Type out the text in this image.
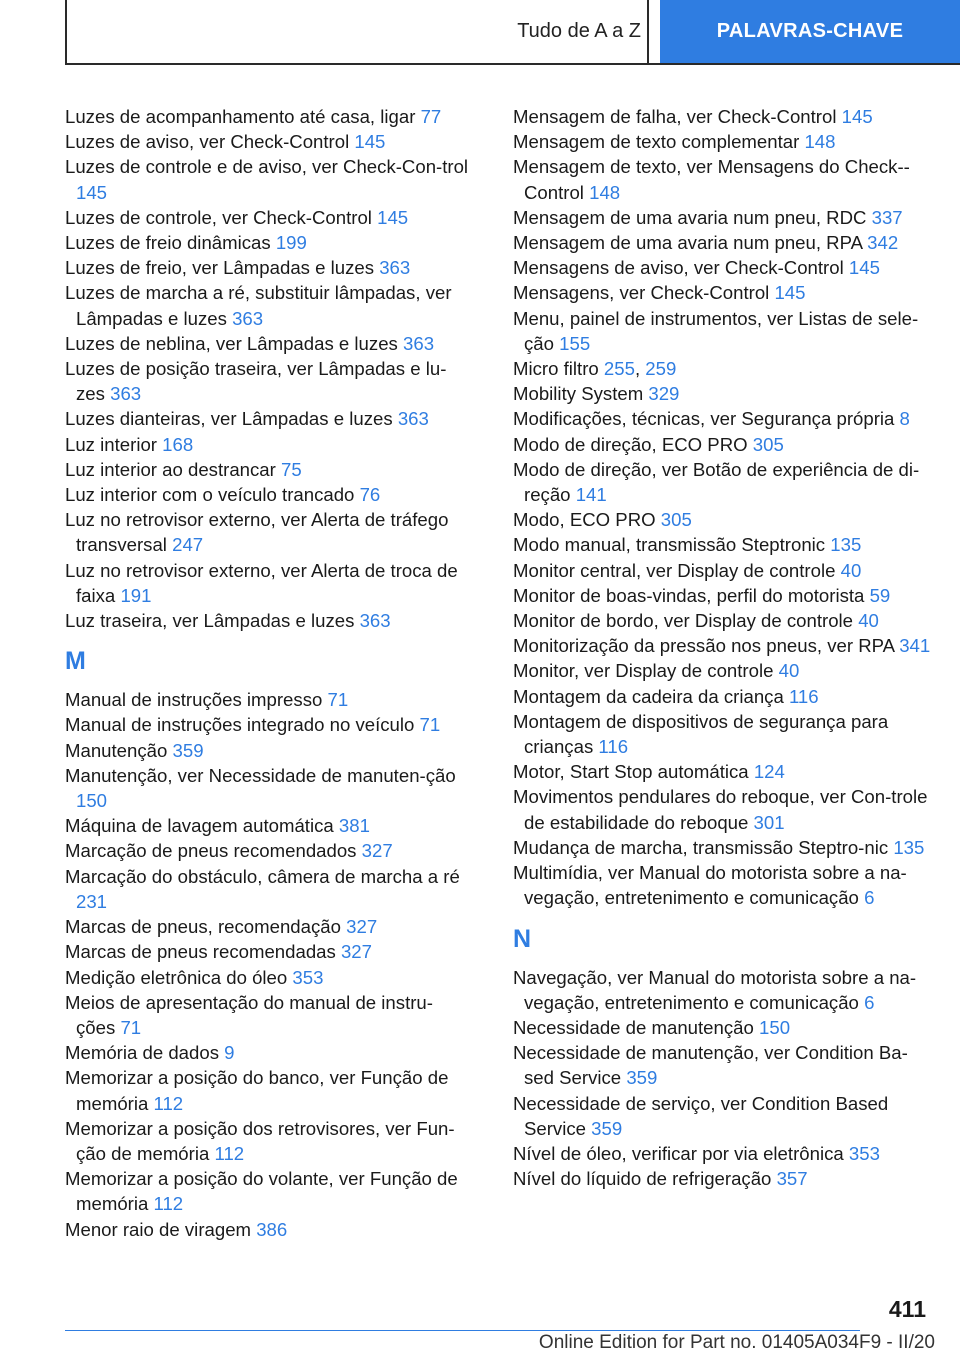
Tudo de A a Z	PALAVRAS-CHAVE
Luzes de acompanhamento até casa, ligar 77
Luzes de aviso, ver Check-Control 145
Luzes de controle e de aviso, ver Check-Con-trol 145
Luzes de controle, ver Check-Control 145
Luzes de freio dinâmicas 199
Luzes de freio, ver Lâmpadas e luzes 363
Luzes de marcha a ré, substituir lâmpadas, ver Lâmpadas e luzes 363
Luzes de neblina, ver Lâmpadas e luzes 363
Luzes de posição traseira, ver Lâmpadas e lu-zes 363
Luzes dianteiras, ver Lâmpadas e luzes 363
Luz interior 168
Luz interior ao destrancar 75
Luz interior com o veículo trancado 76
Luz no retrovisor externo, ver Alerta de tráfego transversal 247
Luz no retrovisor externo, ver Alerta de troca de faixa 191
Luz traseira, ver Lâmpadas e luzes 363
M
Manual de instruções impresso 71
Manual de instruções integrado no veículo 71
Manutenção 359
Manutenção, ver Necessidade de manuten-ção 150
Máquina de lavagem automática 381
Marcação de pneus recomendados 327
Marcação do obstáculo, câmera de marcha a ré 231
Marcas de pneus, recomendação 327
Marcas de pneus recomendadas 327
Medição eletrônica do óleo 353
Meios de apresentação do manual de instru-ções 71
Memória de dados 9
Memorizar a posição do banco, ver Função de memória 112
Memorizar a posição dos retrovisores, ver Fun-ção de memória 112
Memorizar a posição do volante, ver Função de memória 112
Menor raio de viragem 386
Mensagem de falha, ver Check-Control 145
Mensagem de texto complementar 148
Mensagem de texto, ver Mensagens do Check--Control 148
Mensagem de uma avaria num pneu, RDC 337
Mensagem de uma avaria num pneu, RPA 342
Mensagens de aviso, ver Check-Control 145
Mensagens, ver Check-Control 145
Menu, painel de instrumentos, ver Listas de sele-ção 155
Micro filtro 255, 259
Mobility System 329
Modificações, técnicas, ver Segurança própria 8
Modo de direção, ECO PRO 305
Modo de direção, ver Botão de experiência de di-reção 141
Modo, ECO PRO 305
Modo manual, transmissão Steptronic 135
Monitor central, ver Display de controle 40
Monitor de boas-vindas, perfil do motorista 59
Monitor de bordo, ver Display de controle 40
Monitorização da pressão nos pneus, ver RPA 341
Monitor, ver Display de controle 40
Montagem da cadeira da criança 116
Montagem de dispositivos de segurança para crianças 116
Motor, Start Stop automática 124
Movimentos pendulares do reboque, ver Con-trole de estabilidade do reboque 301
Mudança de marcha, transmissão Steptro-nic 135
Multimídia, ver Manual do motorista sobre a na-vegação, entretenimento e comunicação 6
N
Navegação, ver Manual do motorista sobre a na-vegação, entretenimento e comunicação 6
Necessidade de manutenção 150
Necessidade de manutenção, ver Condition Ba-sed Service 359
Necessidade de serviço, ver Condition Based Service 359
Nível de óleo, verificar por via eletrônica 353
Nível do líquido de refrigeração 357
411
Online Edition for Part no. 01405A034F9 - II/20
